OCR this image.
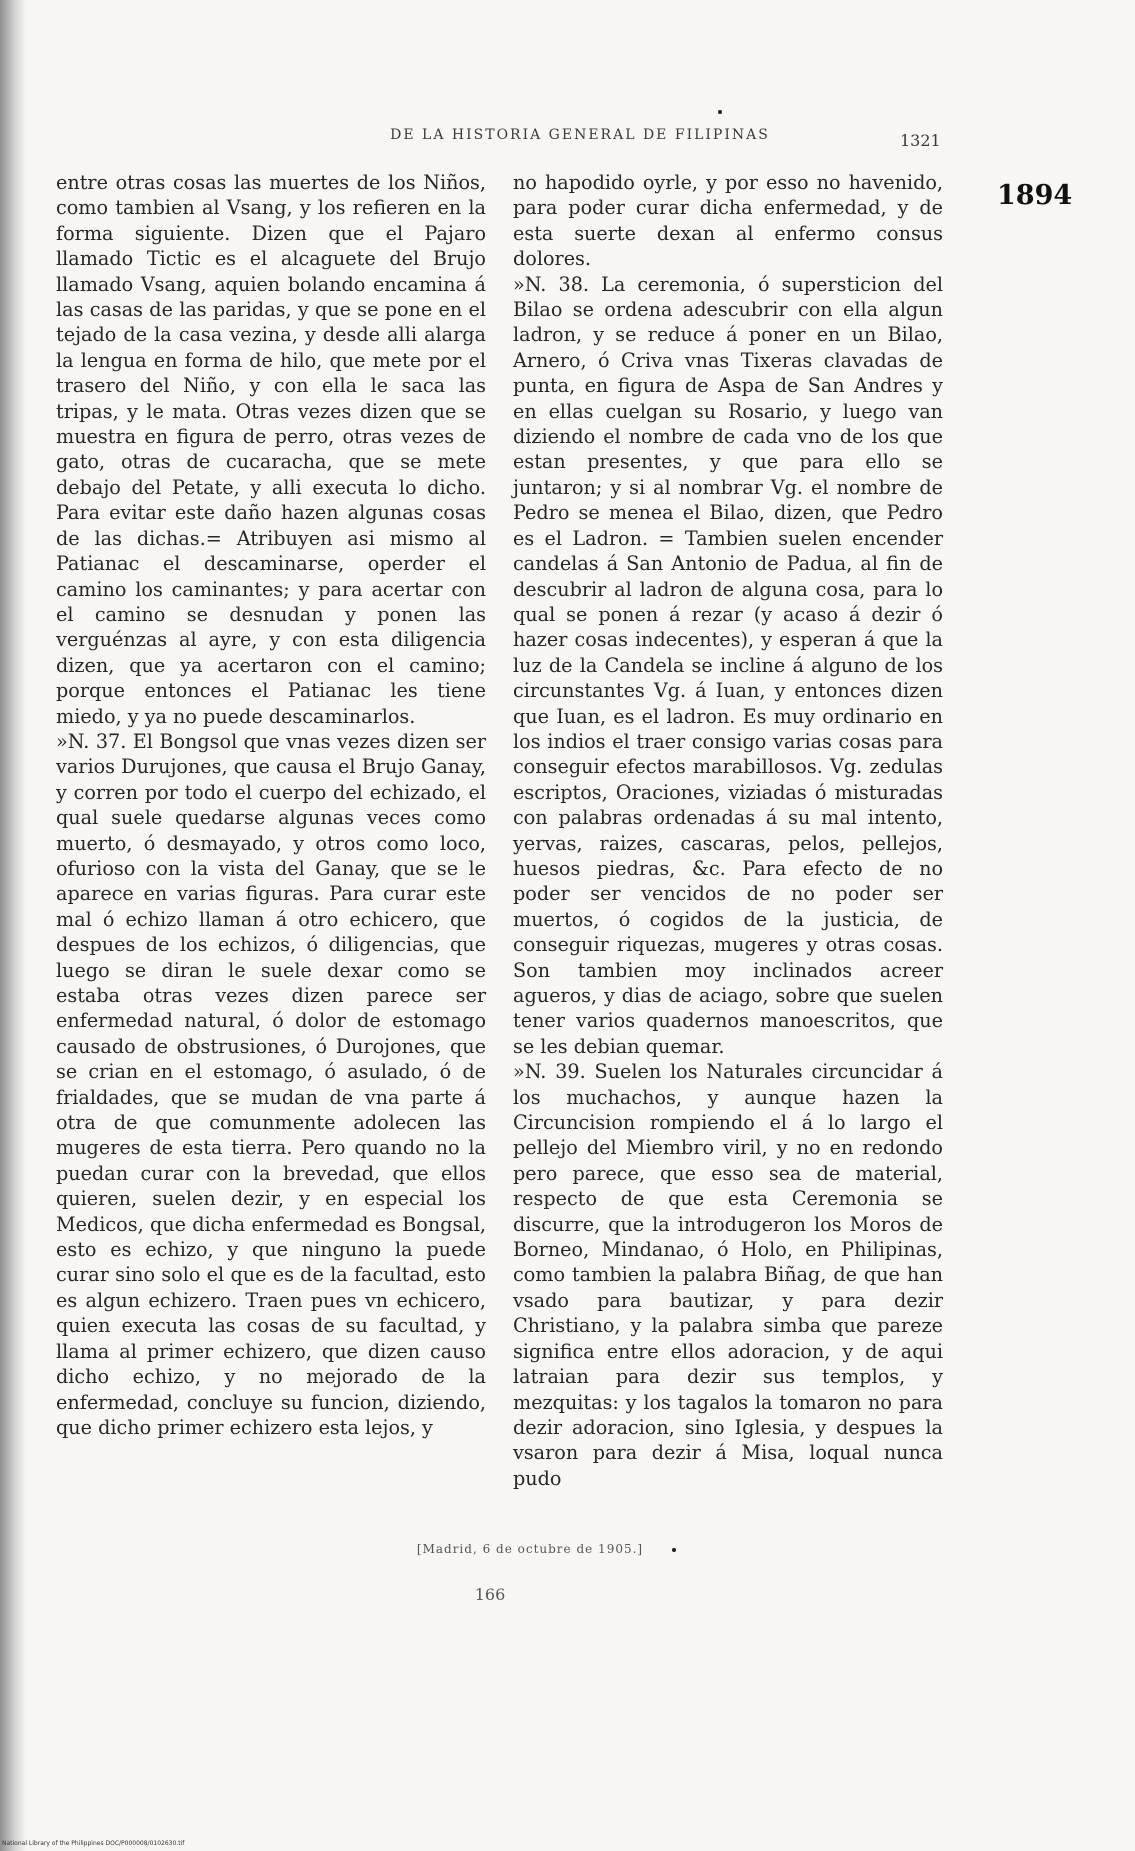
DE LA HISTORIA GENERAL DE FILIPINAS	1321
1894

entre otras cosas las muertes de los Niños, como tambien al Vsang, y los refieren en la forma siguiente. Dizen que el Pajaro llamado Tictic es el alcaguete del Brujo llamado Vsang, aquien bolando encamina á las casas de las paridas, y que se pone en el tejado de la casa vezina, y desde alli alarga la lengua en forma de hilo, que mete por el trasero del Niño, y con ella le saca las tripas, y le mata. Otras vezes dizen que se muestra en figura de perro, otras vezes de gato, otras de cucaracha, que se mete debajo del Petate, y alli executa lo dicho. Para evitar este daño hazen algunas cosas de las dichas.= Atribuyen asi mismo al Patianac el descaminarse, operder el camino los caminantes; y para acertar con el camino se desnudan y ponen las verguénzas al ayre, y con esta diligencia dizen, que ya acertaron con el camino; porque entonces el Patianac les tiene miedo, y ya no puede descaminarlos.

»N. 37. El Bongsol que vnas vezes dizen ser varios Durujones, que causa el Brujo Ganay, y corren por todo el cuerpo del echizado, el qual suele quedarse algunas veces como muerto, ó desmayado, y otros como loco, ofurioso con la vista del Ganay, que se le aparece en varias figuras. Para curar este mal ó echizo llaman á otro echicero, que despues de los echizos, ó diligencias, que luego se diran le suele dexar como se estaba otras vezes dizen parece ser enfermedad natural, ó dolor de estomago causado de obstrusiones, ó Durojones, que se crian en el estomago, ó asulado, ó de frialdades, que se mudan de vna parte á otra de que comunmente adolecen las mugeres de esta tierra. Pero quando no la puedan curar con la brevedad, que ellos quieren, suelen dezir, y en especial los Medicos, que dicha enfermedad es Bongsal, esto es echizo, y que ninguno la puede curar sino solo el que es de la facultad, esto es algun echizero. Traen pues vn echicero, quien executa las cosas de su facultad, y llama al primer echizero, que dizen causo dicho echizo, y no mejorado de la enfermedad, concluye su funcion, diziendo, que dicho primer echizero esta lejos, y

no hapodido oyrle, y por esso no havenido, para poder curar dicha enfermedad, y de esta suerte dexan al enfermo consus dolores.

»N. 38. La ceremonia, ó supersticion del Bilao se ordena adescubrir con ella algun ladron, y se reduce á poner en un Bilao, Arnero, ó Criva vnas Tixeras clavadas de punta, en figura de Aspa de San Andres y en ellas cuelgan su Rosario, y luego van diziendo el nombre de cada vno de los que estan presentes, y que para ello se juntaron; y si al nombrar Vg. el nombre de Pedro se menea el Bilao, dizen, que Pedro es el Ladron. = Tambien suelen encender candelas á San Antonio de Padua, al fin de descubrir al ladron de alguna cosa, para lo qual se ponen á rezar (y acaso á dezir ó hazer cosas indecentes), y esperan á que la luz de la Candela se incline á alguno de los circunstantes Vg. á Iuan, y entonces dizen que Iuan, es el ladron. Es muy ordinario en los indios el traer consigo varias cosas para conseguir efectos marabillosos. Vg. zedulas escriptos, Oraciones, viziadas ó misturadas con palabras ordenadas á su mal intento, yervas, raizes, cascaras, pelos, pellejos, huesos piedras, &c. Para efecto de no poder ser vencidos de no poder ser muertos, ó cogidos de la justicia, de conseguir riquezas, mugeres y otras cosas. Son tambien moy inclinados acreer agueros, y dias de aciago, sobre que suelen tener varios quadernos manoescritos, que se les debian quemar.

»N. 39. Suelen los Naturales circuncidar á los muchachos, y aunque hazen la Circuncision rompiendo el á lo largo el pellejo del Miembro viril, y no en redondo pero parece, que esso sea de material, respecto de que esta Ceremonia se discurre, que la introdugeron los Moros de Borneo, Mindanao, ó Holo, en Philipinas, como tambien la palabra Biñag, de que han vsado para bautizar, y para dezir Christiano, y la palabra simba que pareze significa entre ellos adoracion, y de aqui latraian para dezir sus templos, y mezquitas: y los tagalos la tomaron no para dezir adoracion, sino Iglesia, y despues la vsaron para dezir á Misa, loqual nunca pudo

[Madrid, 6 de octubre de 1905.]
166
National Library of the Philippines DOC/P000008/0102630.tif
